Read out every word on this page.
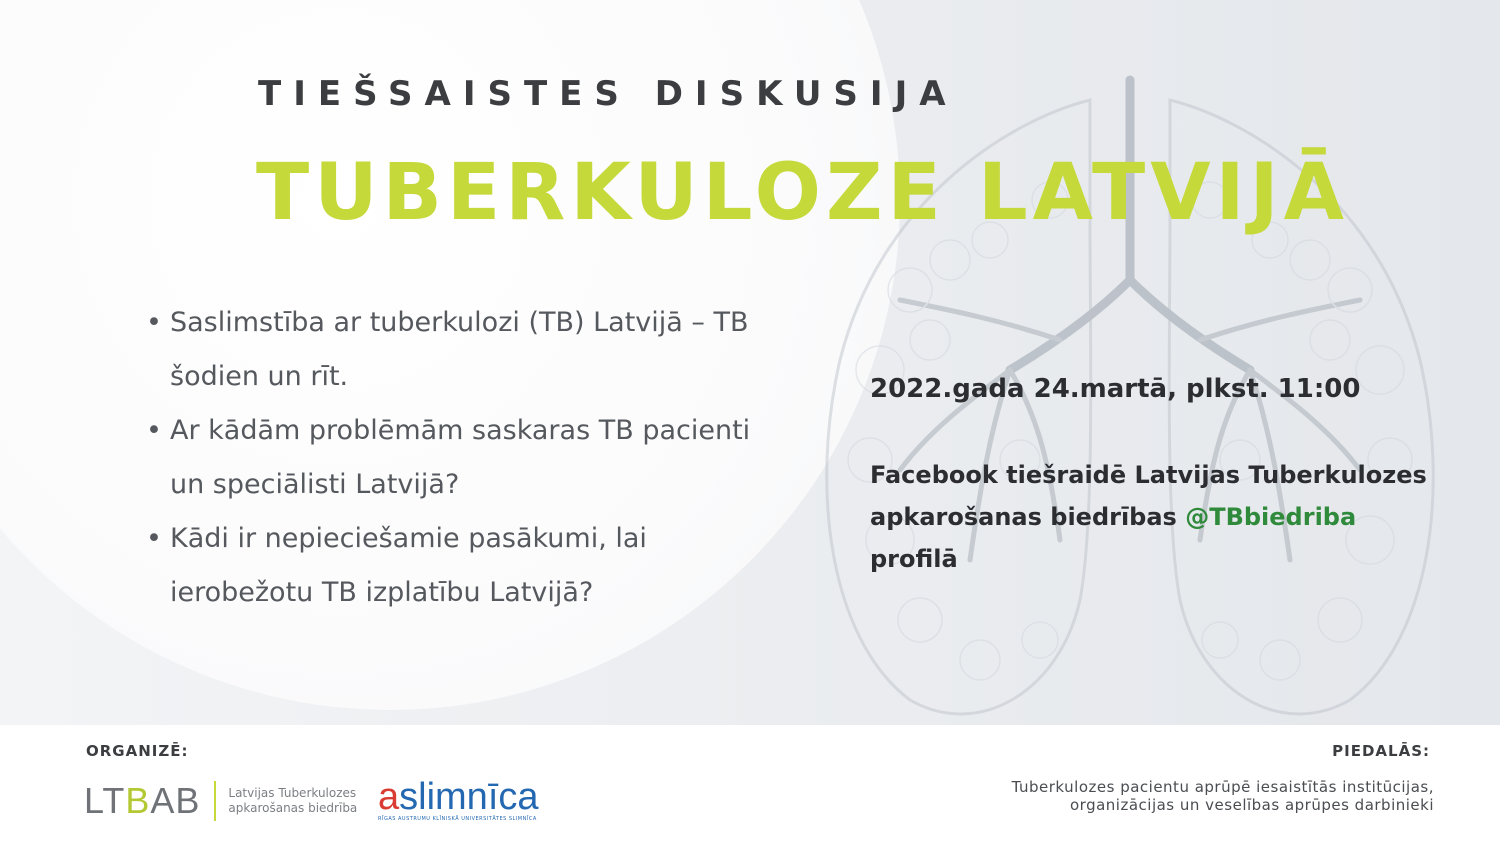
TIEŠSAISTES DISKUSIJA
TUBERKULOZE LATVIJĀ
• Saslimstība ar tuberkulozi (TB) Latvijā – TB šodien un rīt.
• Ar kādām problēmām saskaras TB pacienti un speciālisti Latvijā?
• Kādi ir nepieciešamie pasākumi, lai ierobežotu TB izplatību Latvijā?
2022.gada 24.martā, plkst. 11:00
Facebook tiešraidē Latvijas Tuberkulozes apkarošanas biedrības @TBbiedriba profilā
ORGANIZĒ:	PIEDALĀS:
LTBAB Latvijas Tuberkulozes
apkarošanas biedrība aslimnīca
RĪGAS AUSTRUMU KLĪNISKĀ UNIVERSITĀTES SLIMNĪCA
Tuberkulozes pacientu aprūpē iesaistītās institūcijas,
organizācijas un veselības aprūpes darbinieki
